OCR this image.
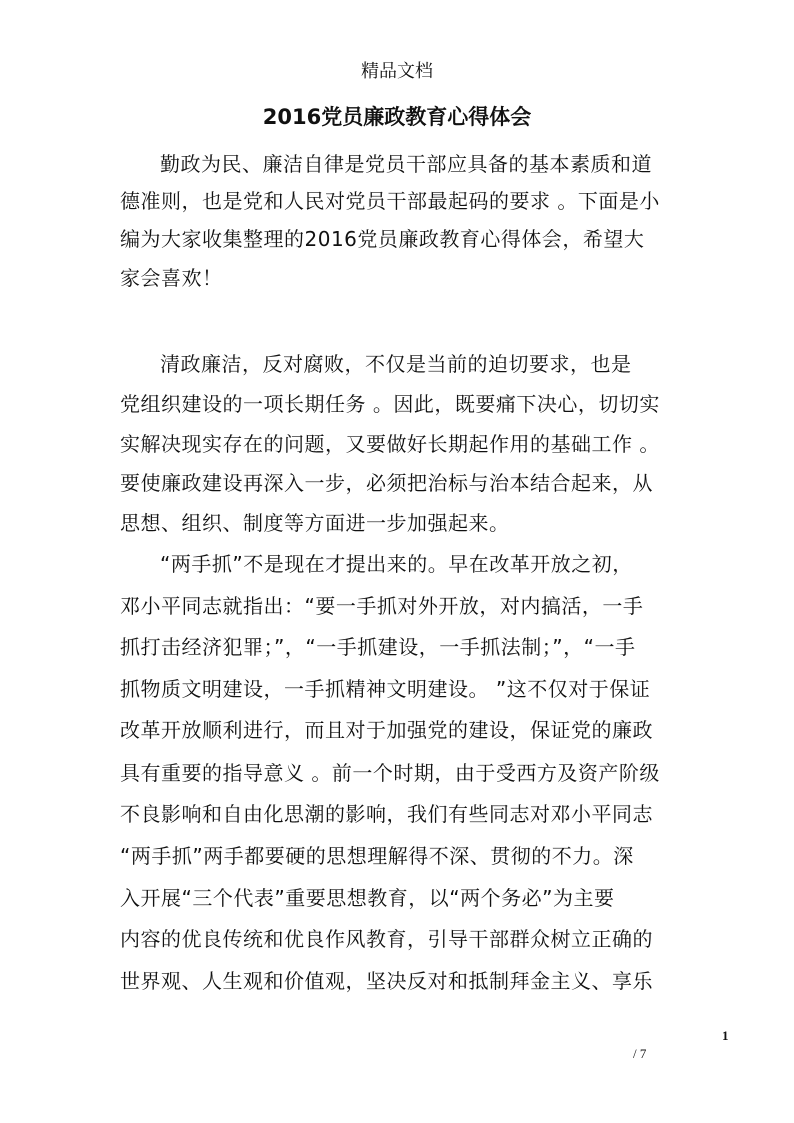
精品文档
2016党员廉政教育心得体会
勤政为民、廉洁自律是党员干部应具备的基本素质和道
德准则，也是党和人民对党员干部最起码的要求 。下面是小
编为大家收集整理的2016党员廉政教育心得体会，希望大
家会喜欢！
清政廉洁，反对腐败，不仅是当前的迫切要求，也是
党组织建设的一项长期任务 。因此，既要痛下决心，切切实
实解决现实存在的问题，又要做好长期起作用的基础工作 。
要使廉政建设再深入一步，必须把治标与治本结合起来，从
思想、组织、制度等方面进一步加强起来。
“两手抓”不是现在才提出来的。早在改革开放之初，
邓小平同志就指出：“要一手抓对外开放，对内搞活，一手
抓打击经济犯罪；”，“一手抓建设，一手抓法制；”，“一手
抓物质文明建设，一手抓精神文明建设。 ”这不仅对于保证
改革开放顺利进行，而且对于加强党的建设，保证党的廉政
具有重要的指导意义 。前一个时期，由于受西方及资产阶级
不良影响和自由化思潮的影响，我们有些同志对邓小平同志
“两手抓”两手都要硬的思想理解得不深、贯彻的不力。深
入开展“三个代表”重要思想教育，以“两个务必”为主要
内容的优良传统和优良作风教育，引导干部群众树立正确的
世界观、人生观和价值观，坚决反对和抵制拜金主义、享乐
1
/ 7
